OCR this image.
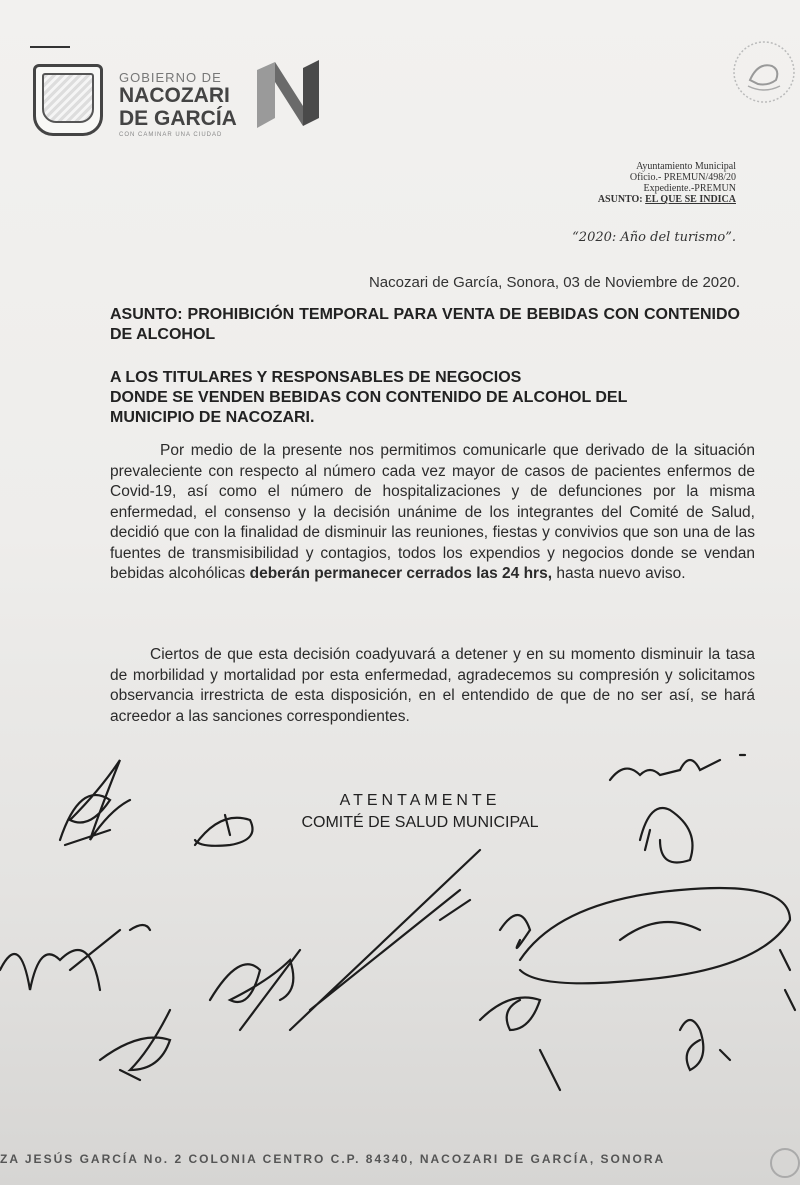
GOBIERNO DE
NACOZARI
DE GARCÍA
CON CAMINAR UNA CIUDAD
Ayuntamiento Municipal
Oficio.- PREMUN/498/20
Expediente.-PREMUN
ASUNTO: EL QUE SE INDICA
“2020: Año del turismo”.
Nacozari de García, Sonora, 03 de Noviembre de 2020.
ASUNTO: PROHIBICIÓN TEMPORAL PARA VENTA DE BEBIDAS CON CONTENIDO DE ALCOHOL
A LOS TITULARES Y RESPONSABLES DE NEGOCIOS
DONDE SE VENDEN BEBIDAS CON CONTENIDO DE ALCOHOL DEL
MUNICIPIO DE NACOZARI.
Por medio de la presente nos permitimos comunicarle que derivado de la situación prevaleciente con respecto al número cada vez mayor de casos de pacientes enfermos de Covid-19, así como el número de hospitalizaciones y de defunciones por la misma enfermedad, el consenso y la decisión unánime de los integrantes del Comité de Salud, decidió que con la finalidad de disminuir las reuniones, fiestas y convivios que son una de las fuentes de transmisibilidad y contagios, todos los expendios y negocios donde se vendan bebidas alcohólicas deberán permanecer cerrados las 24 hrs, hasta nuevo aviso.
Ciertos de que esta decisión coadyuvará a detener y en su momento disminuir la tasa de morbilidad y mortalidad por esta enfermedad, agradecemos su compresión y solicitamos observancia irrestricta de esta disposición, en el entendido de que de no ser así, se hará acreedor a las sanciones correspondientes.
ATENTAMENTE
COMITÉ DE SALUD MUNICIPAL
ZA JESÚS GARCÍA No. 2 COLONIA CENTRO C.P. 84340, NACOZARI DE GARCÍA, SONORA
